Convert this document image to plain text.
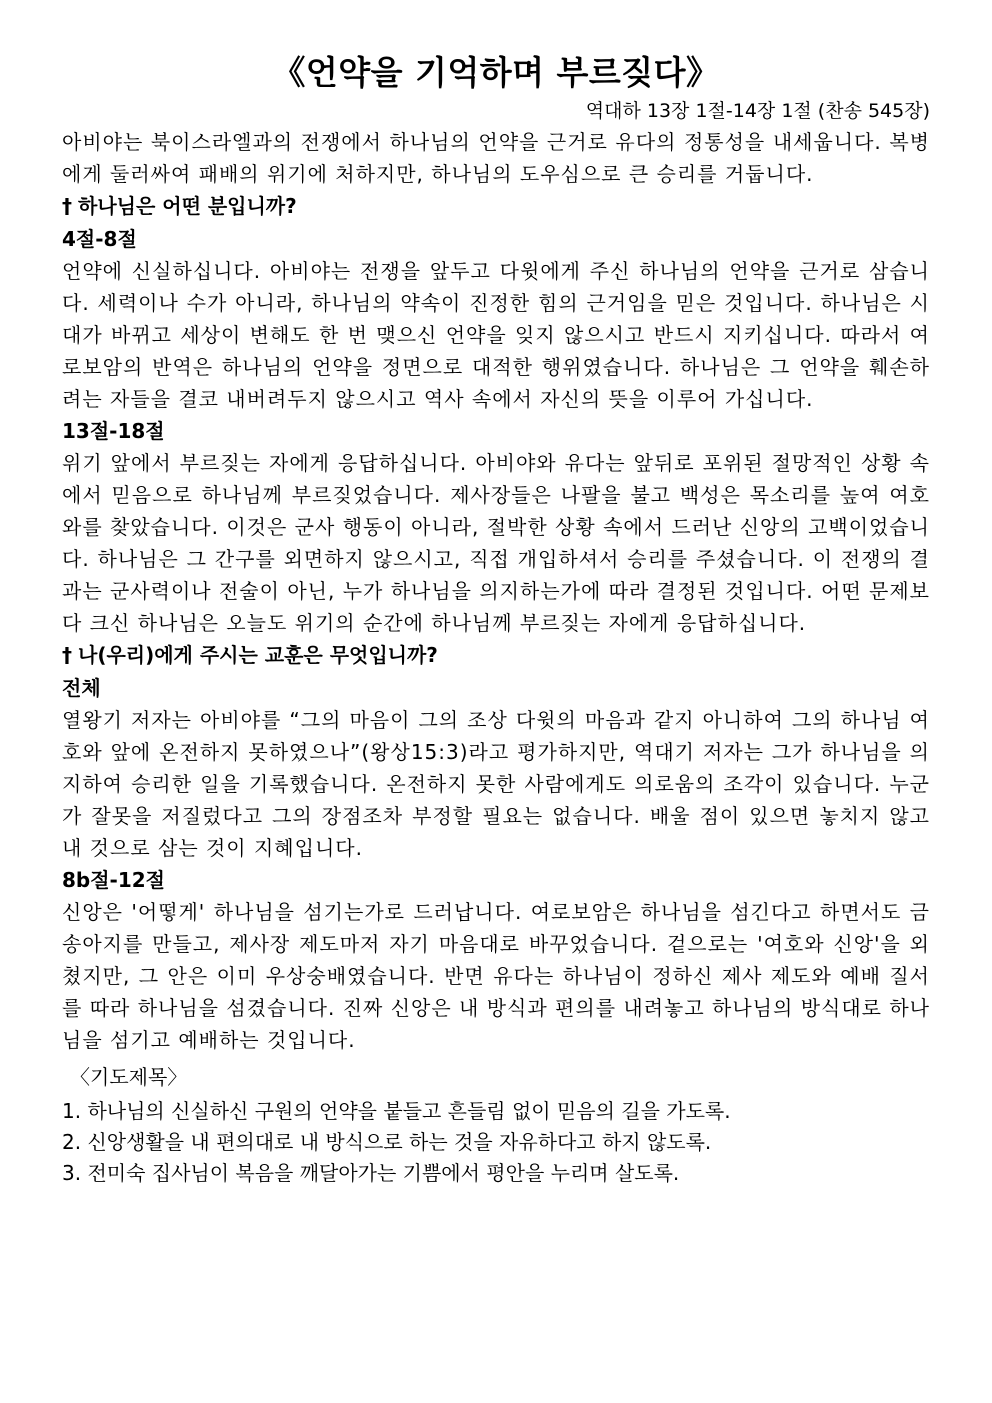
《언약을 기억하며 부르짖다》

역대하 13장 1절-14장 1절 (찬송 545장)

아비야는 북이스라엘과의 전쟁에서 하나님의 언약을 근거로 유다의 정통성을 내세웁니다. 복병에게 둘러싸여 패배의 위기에 처하지만, 하나님의 도우심으로 큰 승리를 거둡니다.

† 하나님은 어떤 분입니까?

4절-8절

언약에 신실하십니다. 아비야는 전쟁을 앞두고 다윗에게 주신 하나님의 언약을 근거로 삼습니다. 세력이나 수가 아니라, 하나님의 약속이 진정한 힘의 근거임을 믿은 것입니다. 하나님은 시대가 바뀌고 세상이 변해도 한 번 맺으신 언약을 잊지 않으시고 반드시 지키십니다. 따라서 여로보암의 반역은 하나님의 언약을 정면으로 대적한 행위였습니다. 하나님은 그 언약을 훼손하려는 자들을 결코 내버려두지 않으시고 역사 속에서 자신의 뜻을 이루어 가십니다.

13절-18절

위기 앞에서 부르짖는 자에게 응답하십니다. 아비야와 유다는 앞뒤로 포위된 절망적인 상황 속에서 믿음으로 하나님께 부르짖었습니다. 제사장들은 나팔을 불고 백성은 목소리를 높여 여호와를 찾았습니다. 이것은 군사 행동이 아니라, 절박한 상황 속에서 드러난 신앙의 고백이었습니다. 하나님은 그 간구를 외면하지 않으시고, 직접 개입하셔서 승리를 주셨습니다. 이 전쟁의 결과는 군사력이나 전술이 아닌, 누가 하나님을 의지하는가에 따라 결정된 것입니다. 어떤 문제보다 크신 하나님은 오늘도 위기의 순간에 하나님께 부르짖는 자에게 응답하십니다.

† 나(우리)에게 주시는 교훈은 무엇입니까?

전체

열왕기 저자는 아비야를 “그의 마음이 그의 조상 다윗의 마음과 같지 아니하여 그의 하나님 여호와 앞에 온전하지 못하였으나”(왕상15:3)라고 평가하지만, 역대기 저자는 그가 하나님을 의지하여 승리한 일을 기록했습니다. 온전하지 못한 사람에게도 의로움의 조각이 있습니다. 누군가 잘못을 저질렀다고 그의 장점조차 부정할 필요는 없습니다. 배울 점이 있으면 놓치지 않고 내 것으로 삼는 것이 지혜입니다.

8b절-12절

신앙은 '어떻게' 하나님을 섬기는가로 드러납니다. 여로보암은 하나님을 섬긴다고 하면서도 금송아지를 만들고, 제사장 제도마저 자기 마음대로 바꾸었습니다. 겉으로는 '여호와 신앙'을 외쳤지만, 그 안은 이미 우상숭배였습니다. 반면 유다는 하나님이 정하신 제사 제도와 예배 질서를 따라 하나님을 섬겼습니다. 진짜 신앙은 내 방식과 편의를 내려놓고 하나님의 방식대로 하나님을 섬기고 예배하는 것입니다.

〈기도제목〉

1. 하나님의 신실하신 구원의 언약을 붙들고 흔들림 없이 믿음의 길을 가도록.
2. 신앙생활을 내 편의대로 내 방식으로 하는 것을 자유하다고 하지 않도록.
3. 전미숙 집사님이 복음을 깨달아가는 기쁨에서 평안을 누리며 살도록.
